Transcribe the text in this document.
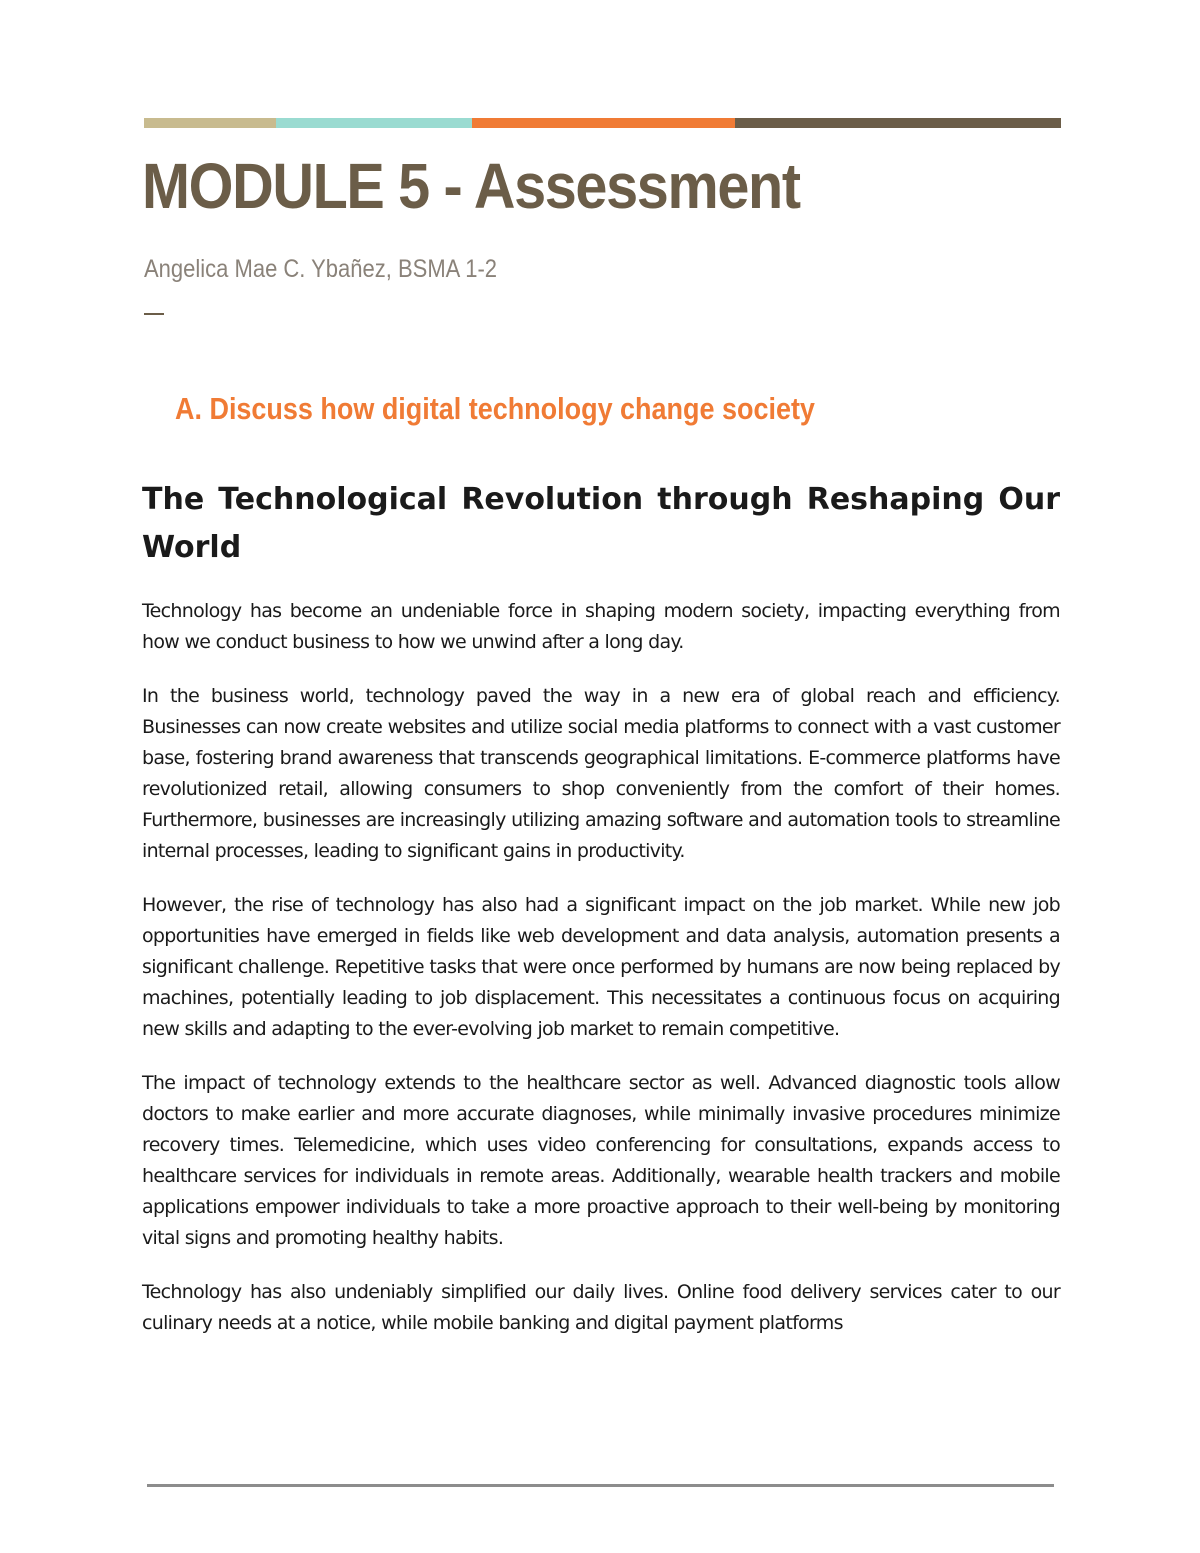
MODULE 5 - Assessment

Angelica Mae C. Ybañez, BSMA 1-2

A. Discuss how digital technology change society
The Technological Revolution through Reshaping Our World

Technology has become an undeniable force in shaping modern society, impacting everything from how we conduct business to how we unwind after a long day.

In the business world, technology paved the way in a new era of global reach and efficiency. Businesses can now create websites and utilize social media platforms to connect with a vast customer base, fostering brand awareness that transcends geographical limitations. E-commerce platforms have revolutionized retail, allowing consumers to shop conveniently from the comfort of their homes. Furthermore, businesses are increasingly utilizing amazing software and automation tools to streamline internal processes, leading to significant gains in productivity.

However, the rise of technology has also had a significant impact on the job market. While new job opportunities have emerged in fields like web development and data analysis, automation presents a significant challenge. Repetitive tasks that were once performed by humans are now being replaced by machines, potentially leading to job displacement. This necessitates a continuous focus on acquiring new skills and adapting to the ever-evolving job market to remain competitive.

The impact of technology extends to the healthcare sector as well. Advanced diagnostic tools allow doctors to make earlier and more accurate diagnoses, while minimally invasive procedures minimize recovery times. Telemedicine, which uses video conferencing for consultations, expands access to healthcare services for individuals in remote areas. Additionally, wearable health trackers and mobile applications empower individuals to take a more proactive approach to their well-being by monitoring vital signs and promoting healthy habits.

Technology has also undeniably simplified our daily lives. Online food delivery services cater to our culinary needs at a notice, while mobile banking and digital payment platforms
